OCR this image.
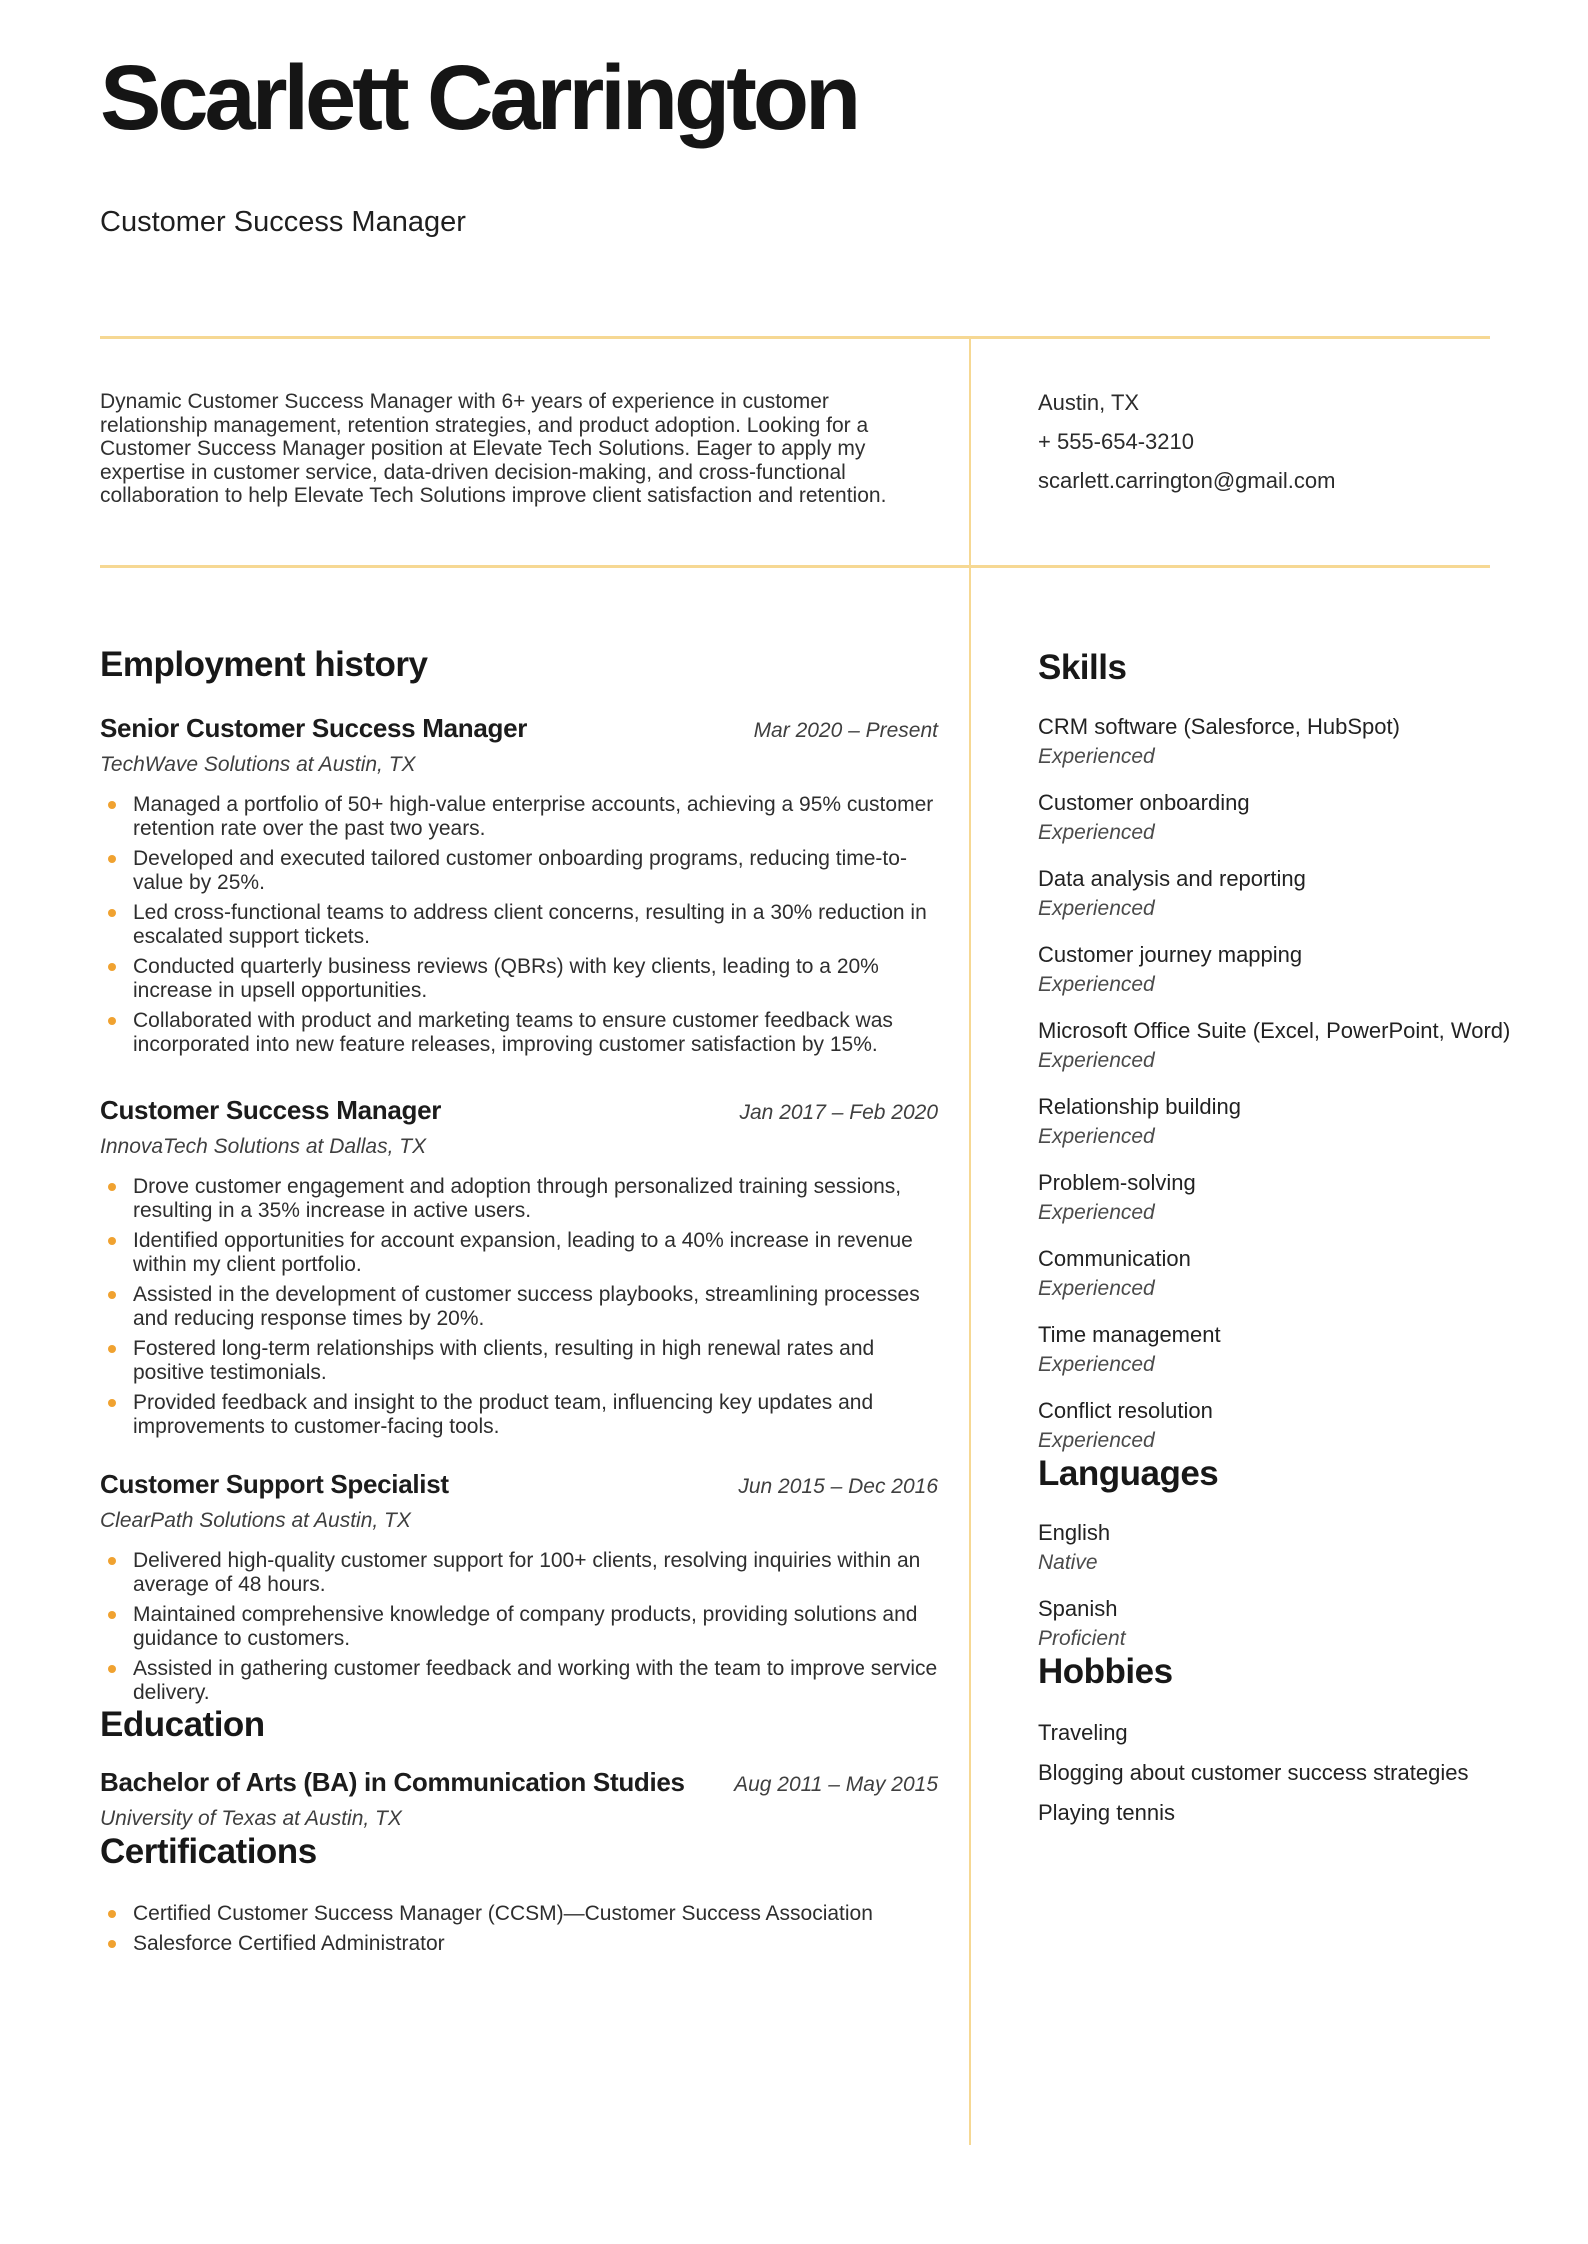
Scarlett Carrington
Customer Success Manager
Dynamic Customer Success Manager with 6+ years of experience in customer relationship management, retention strategies, and product adoption. Looking for a Customer Success Manager position at Elevate Tech Solutions. Eager to apply my expertise in customer service, data-driven decision-making, and cross-functional collaboration to help Elevate Tech Solutions improve client satisfaction and retention.

Austin, TX

+ 555-654-3210

scarlett.carrington@gmail.com

Employment history
Senior Customer Success Manager	Mar 2020 – Present
TechWave Solutions at Austin, TX
Managed a portfolio of 50+ high-value enterprise accounts, achieving a 95% customer retention rate over the past two years.
Developed and executed tailored customer onboarding programs, reducing time-to-value by 25%.
Led cross-functional teams to address client concerns, resulting in a 30% reduction in escalated support tickets.
Conducted quarterly business reviews (QBRs) with key clients, leading to a 20% increase in upsell opportunities.
Collaborated with product and marketing teams to ensure customer feedback was incorporated into new feature releases, improving customer satisfaction by 15%.
Customer Success Manager	Jan 2017 – Feb 2020
InnovaTech Solutions at Dallas, TX
Drove customer engagement and adoption through personalized training sessions, resulting in a 35% increase in active users.
Identified opportunities for account expansion, leading to a 40% increase in revenue within my client portfolio.
Assisted in the development of customer success playbooks, streamlining processes and reducing response times by 20%.
Fostered long-term relationships with clients, resulting in high renewal rates and positive testimonials.
Provided feedback and insight to the product team, influencing key updates and improvements to customer-facing tools.
Customer Support Specialist	Jun 2015 – Dec 2016
ClearPath Solutions at Austin, TX
Delivered high-quality customer support for 100+ clients, resolving inquiries within an average of 48 hours.
Maintained comprehensive knowledge of company products, providing solutions and guidance to customers.
Assisted in gathering customer feedback and working with the team to improve service delivery.
Education
Bachelor of Arts (BA) in Communication Studies	Aug 2011 – May 2015
University of Texas at Austin, TX
Certifications
Certified Customer Success Manager (CCSM)—Customer Success Association
Salesforce Certified Administrator
Skills
CRM software (Salesforce, HubSpot)
Experienced
Customer onboarding
Experienced
Data analysis and reporting
Experienced
Customer journey mapping
Experienced
Microsoft Office Suite (Excel, PowerPoint, Word)
Experienced
Relationship building
Experienced
Problem-solving
Experienced
Communication
Experienced
Time management
Experienced
Conflict resolution
Experienced
Languages
English
Native
Spanish
Proficient
Hobbies
Traveling
Blogging about customer success strategies
Playing tennis
